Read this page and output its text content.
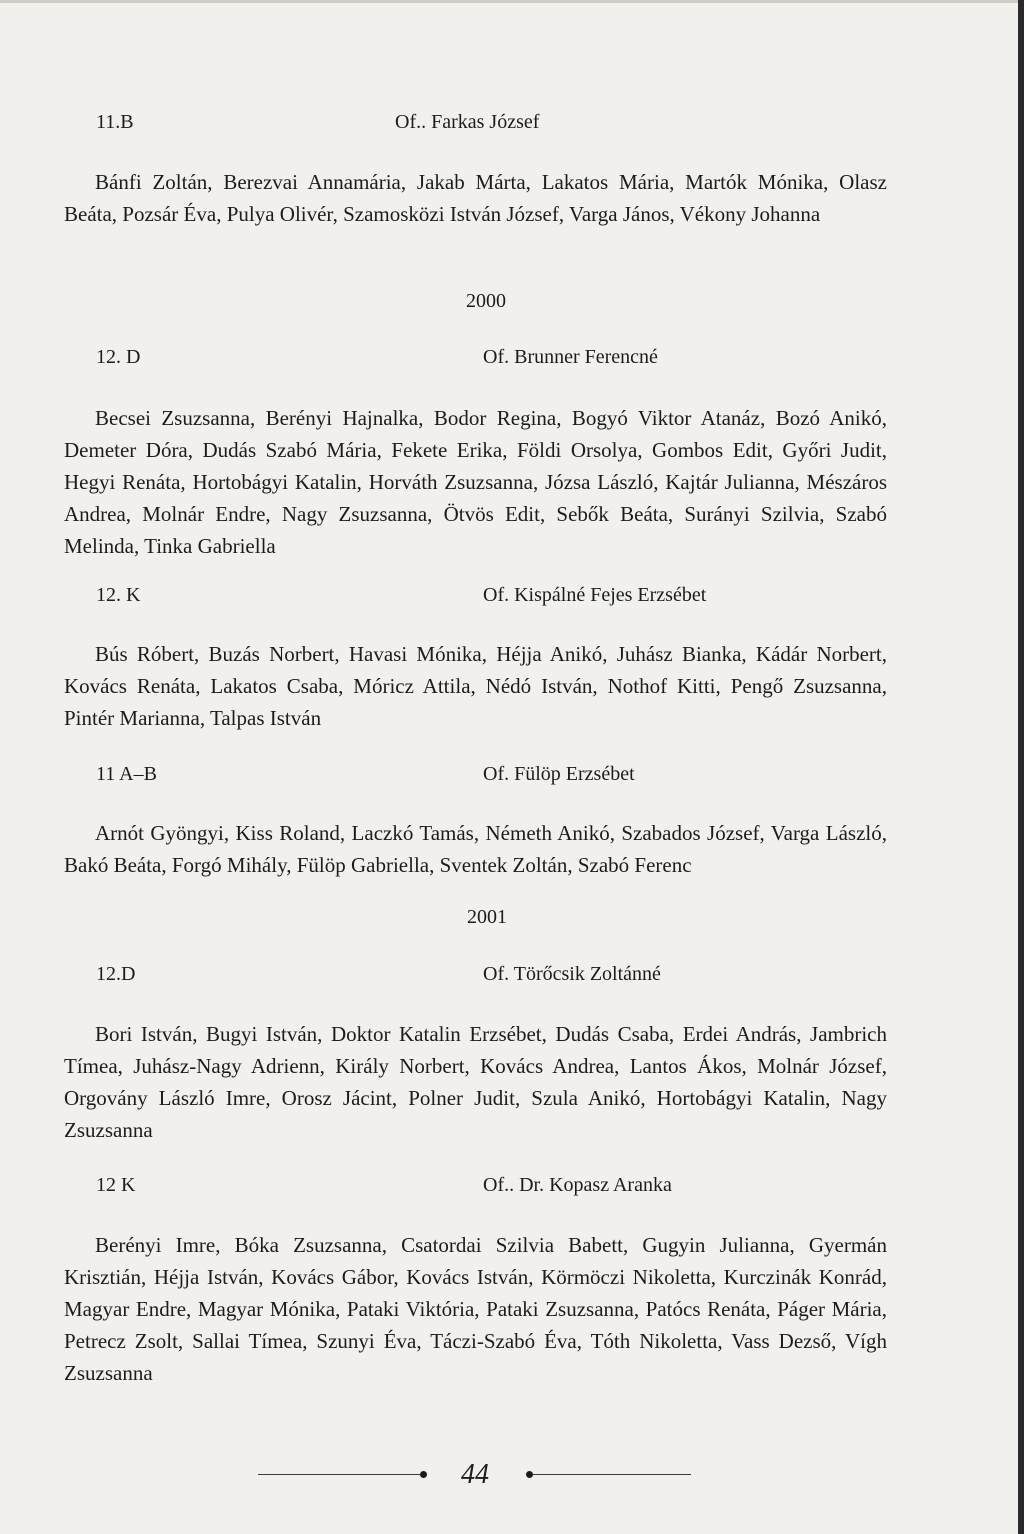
11.B	Of.. Farkas József

Bánfi Zoltán, Berezvai Annamária, Jakab Márta, Lakatos Mária, Martók Mónika, Olasz Beáta, Pozsár Éva, Pulya Olivér, Szamosközi István József, Varga János, Vékony Johanna

2000
12. D	Of. Brunner Ferencné

Becsei Zsuzsanna, Berényi Hajnalka, Bodor Regina, Bogyó Viktor Atanáz, Bozó Anikó, Demeter Dóra, Dudás Szabó Mária, Fekete Erika, Földi Orsolya, Gombos Edit, Győri Judit, Hegyi Renáta, Hortobágyi Katalin, Horváth Zsuzsanna, Józsa László, Kajtár Julianna, Mészáros Andrea, Molnár Endre, Nagy Zsuzsanna, Ötvös Edit, Sebők Beáta, Surányi Szilvia, Szabó Melinda, Tinka Gabriella

12. K	Of. Kispálné Fejes Erzsébet

Bús Róbert, Buzás Norbert, Havasi Mónika, Héjja Anikó, Juhász Bianka, Kádár Norbert, Kovács Renáta, Lakatos Csaba, Móricz Attila, Nédó István, Nothof Kitti, Pengő Zsuzsanna, Pintér Marianna, Talpas István

11 A–B	Of. Fülöp Erzsébet

Arnót Gyöngyi, Kiss Roland, Laczkó Tamás, Németh Anikó, Szabados József, Varga László, Bakó Beáta, Forgó Mihály, Fülöp Gabriella, Sventek Zoltán, Szabó Ferenc

2001
12.D	Of. Törőcsik Zoltánné

Bori István, Bugyi István, Doktor Katalin Erzsébet, Dudás Csaba, Erdei András, Jambrich Tímea, Juhász-Nagy Adrienn, Király Norbert, Kovács Andrea, Lantos Ákos, Molnár József, Orgovány László Imre, Orosz Jácint, Polner Judit, Szula Anikó, Hortobágyi Katalin, Nagy Zsuzsanna

12 K	Of.. Dr. Kopasz Aranka

Berényi Imre, Bóka Zsuzsanna, Csatordai Szilvia Babett, Gugyin Julianna, Gyermán Krisztián, Héjja István, Kovács Gábor, Kovács István, Körmöczi Nikoletta, Kurczinák Konrád, Magyar Endre, Magyar Mónika, Pataki Viktória, Pataki Zsuzsanna, Patócs Renáta, Páger Mária, Petrecz Zsolt, Sallai Tímea, Szunyi Éva, Táczi-Szabó Éva, Tóth Nikoletta, Vass Dezső, Vígh Zsuzsanna

44
